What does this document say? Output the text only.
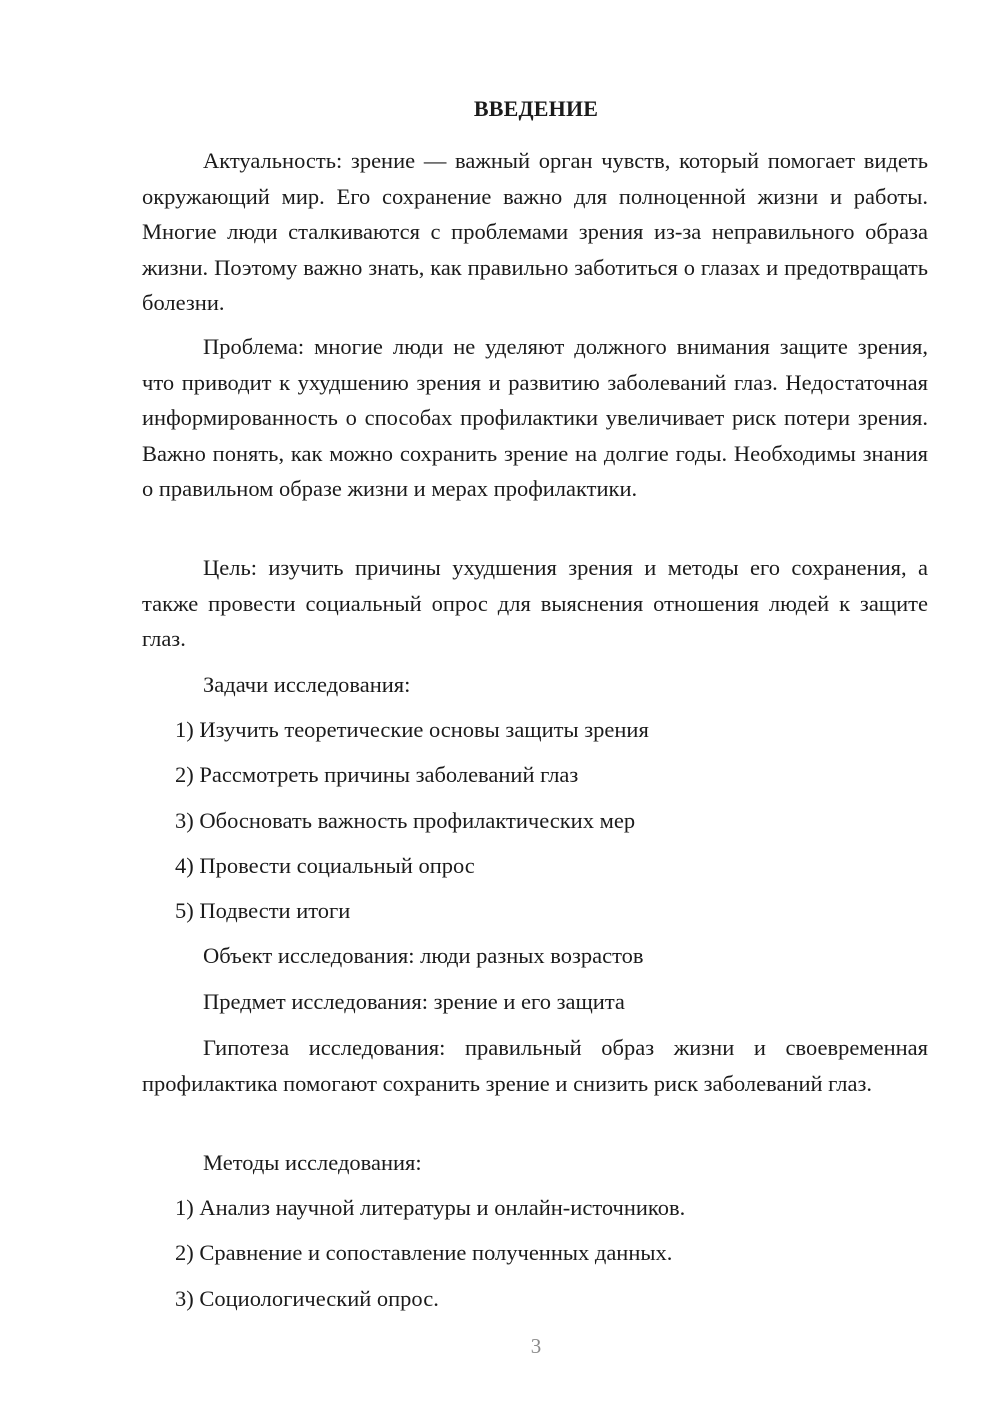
ВВЕДЕНИЕ

Актуальность: зрение — важный орган чувств, который помогает видеть окружающий мир. Его сохранение важно для полноценной жизни и работы. Многие люди сталкиваются с проблемами зрения из-за неправильного образа жизни. Поэтому важно знать, как правильно заботиться о глазах и предотвращать болезни.

Проблема: многие люди не уделяют должного внимания защите зрения, что приводит к ухудшению зрения и развитию заболеваний глаз. Недостаточная информированность о способах профилактики увеличивает риск потери зрения. Важно понять, как можно сохранить зрение на долгие годы. Необходимы знания о правильном образе жизни и мерах профилактики.

Цель: изучить причины ухудшения зрения и методы его сохранения, а также провести социальный опрос для выяснения отношения людей к защите глаз.

Задачи исследования:

1) Изучить теоретические основы защиты зрения

2) Рассмотреть причины заболеваний глаз

3) Обосновать важность профилактических мер

4) Провести социальный опрос

5) Подвести итоги

Объект исследования: люди разных возрастов

Предмет исследования: зрение и его защита

Гипотеза исследования: правильный образ жизни и своевременная профилактика помогают сохранить зрение и снизить риск заболеваний глаз.

Методы исследования:

1) Анализ научной литературы и онлайн-источников.

2) Сравнение и сопоставление полученных данных.

3) Социологический опрос.

3
